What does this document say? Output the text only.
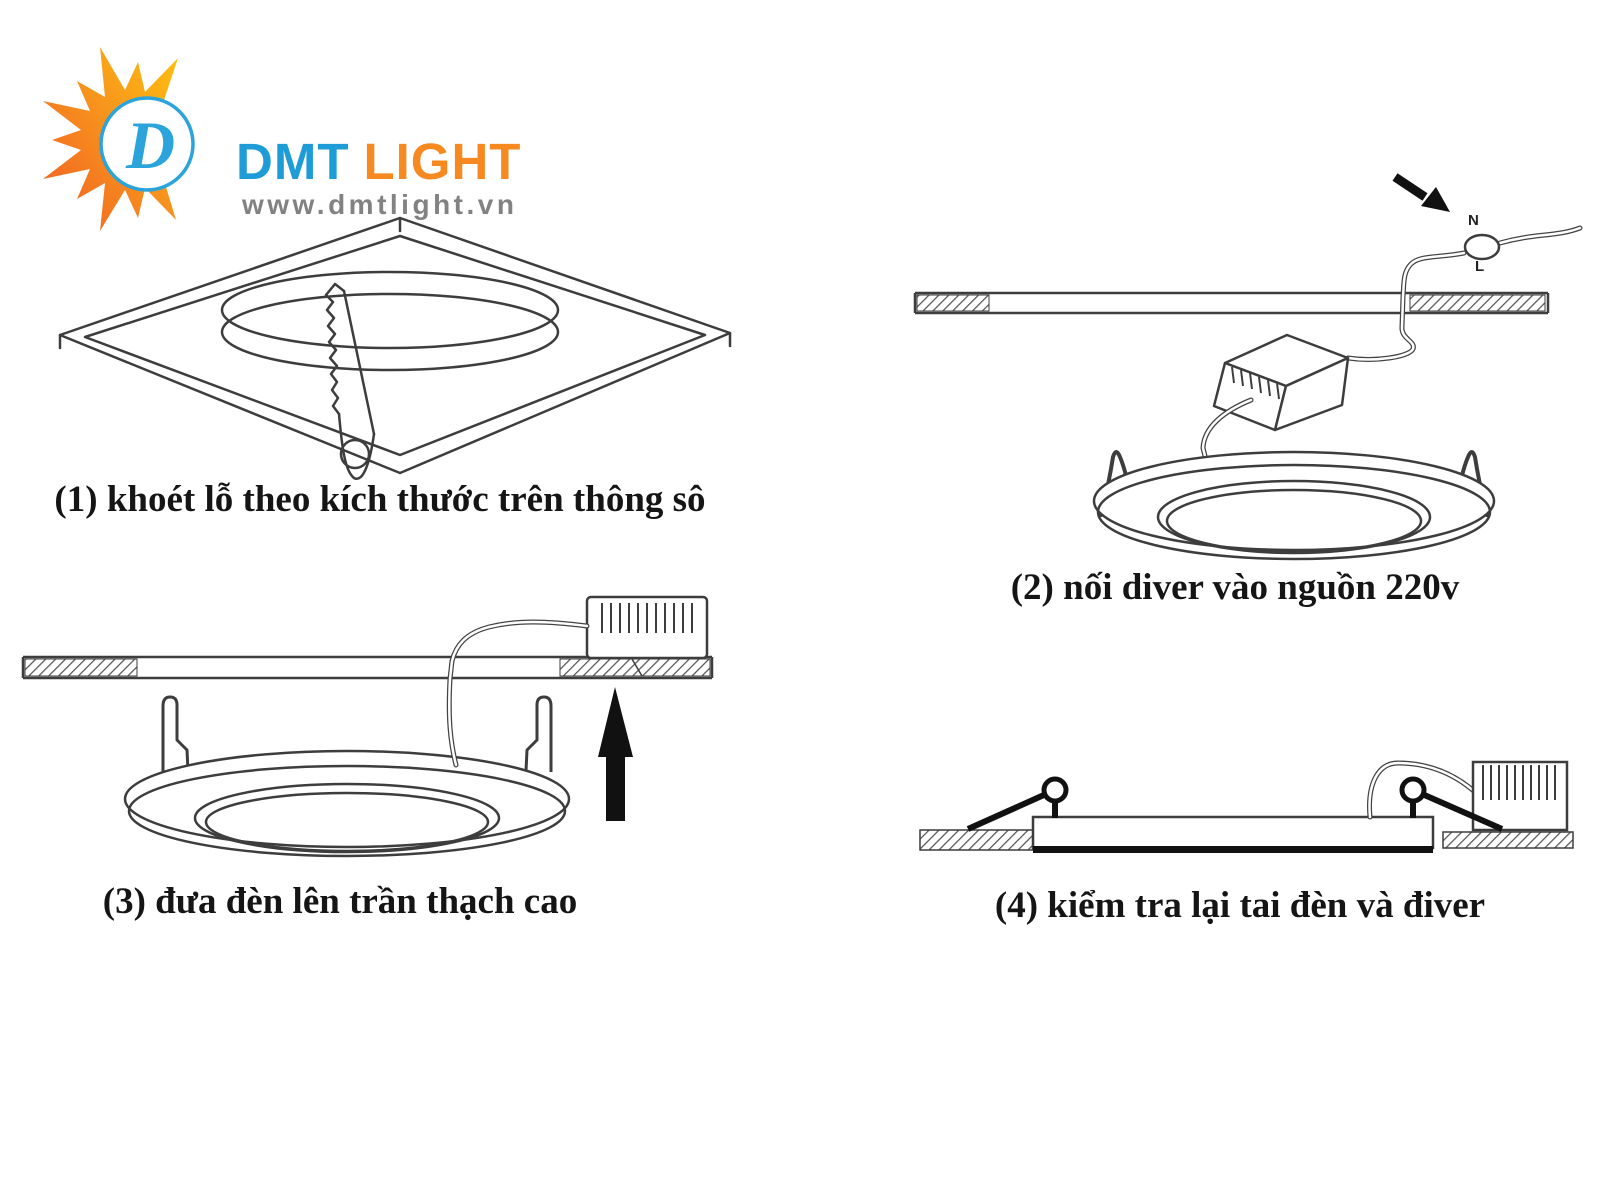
D DMT LIGHT
www.dmtlight.vn
(1) khoét lỗ theo kích thước trên thông sô
N
L
(2) nối diver vào nguồn 220v
(3) đưa đèn lên trần thạch cao	(4) kiểm tra lại tai đèn và điver
